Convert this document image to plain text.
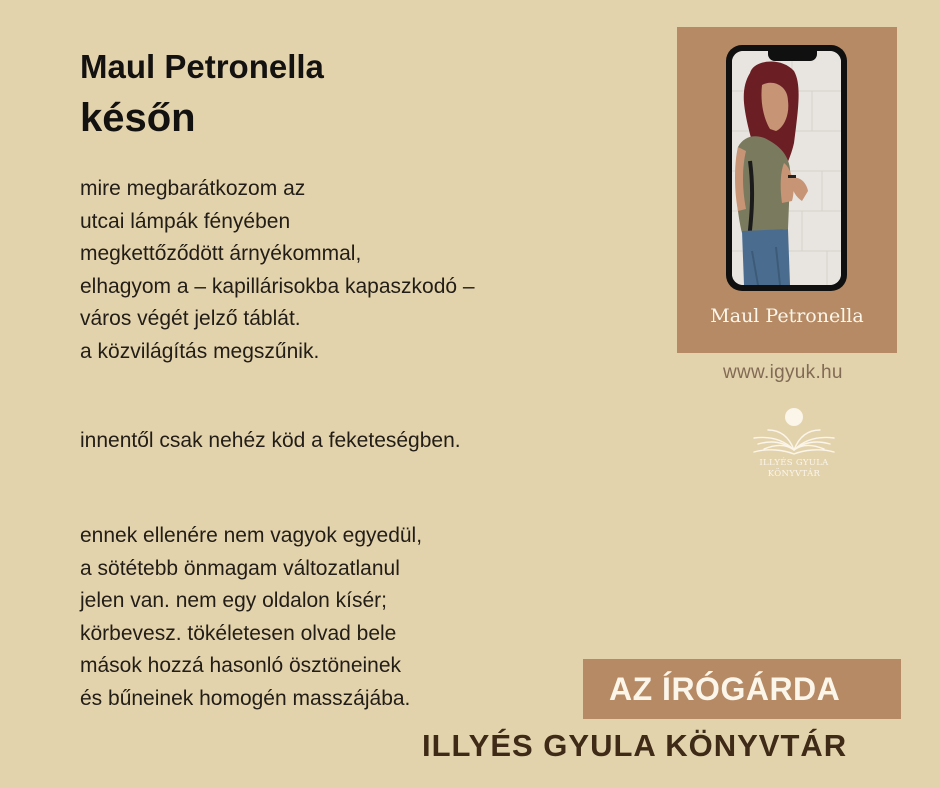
Maul Petronella
későn
mire megbarátkozom az
utcai lámpák fényében
megkettőződött árnyékommal,
elhagyom a – kapillárisokba kapaszkodó –
város végét jelző táblát.
a közvilágítás megszűnik.
innentől csak nehéz köd a feketeségben.
ennek ellenére nem vagyok egyedül,
a sötétebb önmagam változatlanul
jelen van. nem egy oldalon kísér;
körbevesz. tökéletesen olvad bele
mások hozzá hasonló ösztöneinek
és bűneinek homogén masszájába.
Maul Petronella
www.igyuk.hu
ILLYÉS GYULA
KÖNYVTÁR
AZ ÍRÓGÁRDA
ILLYÉS GYULA KÖNYVTÁR
